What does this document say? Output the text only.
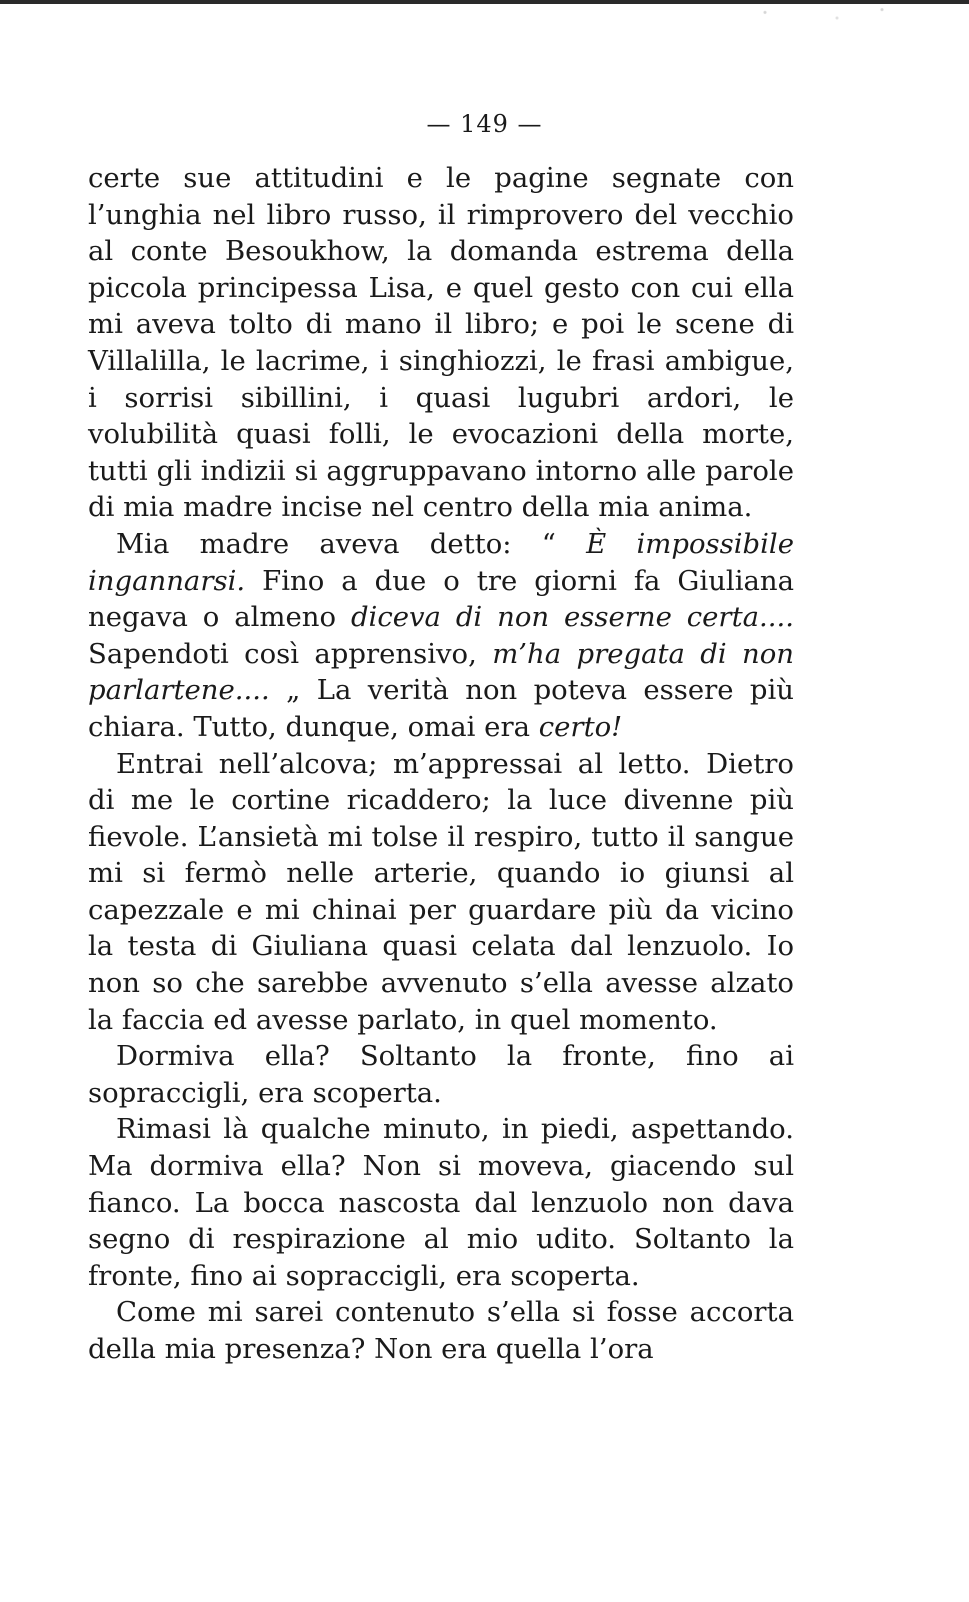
— 149 —

certe sue attitudini e le pagine segnate con l’unghia nel libro russo, il rimprovero del vecchio al conte Besoukhow, la domanda estrema della piccola principessa Lisa, e quel gesto con cui ella mi aveva tolto di mano il libro; e poi le scene di Villalilla, le lacrime, i singhiozzi, le frasi ambigue, i sorrisi sibillini, i quasi lugubri ardori, le volubilità quasi folli, le evocazioni della morte, tutti gli indizii si aggruppavano intorno alle parole di mia madre incise nel centro della mia anima.

Mia madre aveva detto: “ È impossibile ingannarsi. Fino a due o tre giorni fa Giuliana negava o almeno diceva di non esserne certa.... Sapendoti così apprensivo, m’ha pregata di non parlartene.... „ La verità non poteva essere più chiara. Tutto, dunque, omai era certo!

Entrai nell’alcova; m’appressai al letto. Dietro di me le cortine ricaddero; la luce divenne più fievole. L’ansietà mi tolse il respiro, tutto il sangue mi si fermò nelle arterie, quando io giunsi al capezzale e mi chinai per guardare più da vicino la testa di Giuliana quasi celata dal lenzuolo. Io non so che sarebbe avvenuto s’ella avesse alzato la faccia ed avesse parlato, in quel momento.

Dormiva ella? Soltanto la fronte, fino ai sopraccigli, era scoperta.

Rimasi là qualche minuto, in piedi, aspettando. Ma dormiva ella? Non si moveva, giacendo sul fianco. La bocca nascosta dal lenzuolo non dava segno di respirazione al mio udito. Soltanto la fronte, fino ai sopraccigli, era scoperta.

Come mi sarei contenuto s’ella si fosse accorta della mia presenza? Non era quella l’ora
